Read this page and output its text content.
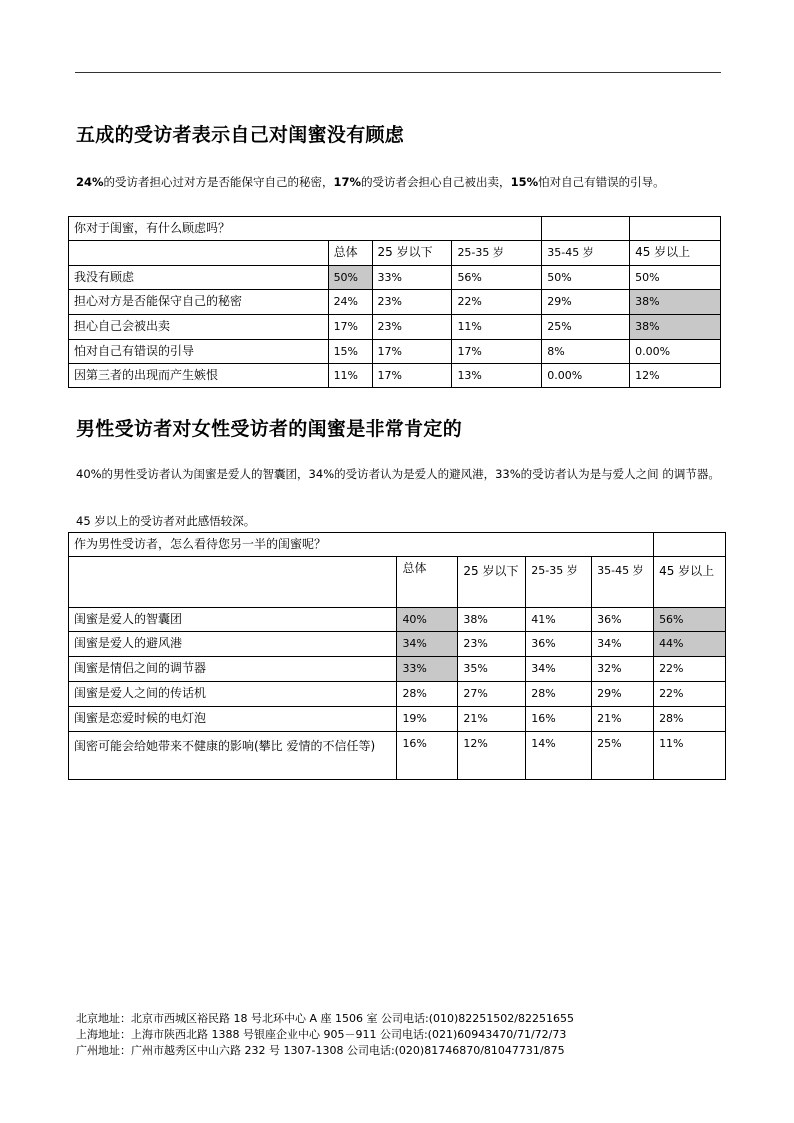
五成的受访者表示自己对闺蜜没有顾虑
24%的受访者担心过对方是否能保守自己的秘密，17%的受访者会担心自己被出卖，15%怕对自己有错误的引导。
你对于闺蜜，有什么顾虑吗？					
	总体	25 岁以下	25-35 岁	35-45 岁	45 岁以上
我没有顾虑	50%	33%	56%	50%	50%
担心对方是否能保守自己的秘密	24%	23%	22%	29%	38%
担心自己会被出卖	17%	23%	11%	25%	38%
怕对自己有错误的引导	15%	17%	17%	8%	0.00%
因第三者的出现而产生嫉恨	11%	17%	13%	0.00%	12%
男性受访者对女性受访者的闺蜜是非常肯定的
40%的男性受访者认为闺蜜是爱人的智囊团，34%的受访者认为是爱人的避风港，33%的受访者认为是与爱人之间 的调节器。
45 岁以上的受访者对此感悟较深。
作为男性受访者，怎么看待您另一半的闺蜜呢？					
	总体	25 岁以下	25-35 岁	35-45 岁	45 岁以上
闺蜜是爱人的智囊团	40%	38%	41%	36%	56%
闺蜜是爱人的避风港	34%	23%	36%	34%	44%
闺蜜是情侣之间的调节器	33%	35%	34%	32%	22%
闺蜜是爱人之间的传话机	28%	27%	28%	29%	22%
闺蜜是恋爱时候的电灯泡	19%	21%	16%	21%	28%
闺密可能会给她带来不健康的影响(攀比 爱情的不信任等)	16%	12%	14%	25%	11%
北京地址：北京市西城区裕民路 18 号北环中心 A 座 1506 室 公司电话:(010)82251502/82251655
上海地址：上海市陕西北路 1388 号银座企业中心 905－911 公司电话:(021)60943470/71/72/73
广州地址：广州市越秀区中山六路 232 号 1307-1308 公司电话:(020)81746870/81047731/875
